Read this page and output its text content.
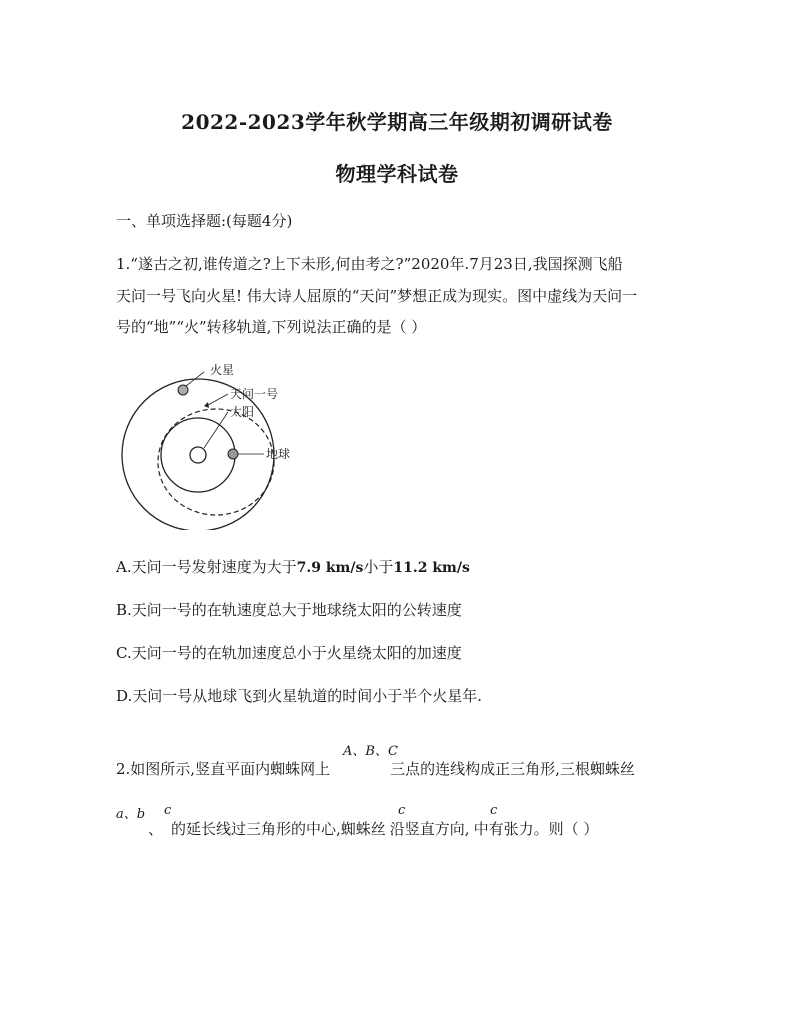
2022-2023学年秋学期高三年级期初调研试卷
物理学科试卷
一、单项选择题:(每题4分)
1.“遂古之初,谁传道之?上下未形,何由考之?”2020年.7月23日,我国探测飞船
天问一号飞向火星! 伟大诗人屈原的“天问”梦想正成为现实。图中虚线为天问一
号的“地”“火”转移轨道,下列说法正确的是（ ）
火星
天问一号
太阳
地球
A.天问一号发射速度为大于7.9 km/s小于11.2 km/s
B.天问一号的在轨速度总大于地球绕太阳的公转速度
C.天问一号的在轨加速度总小于火星绕太阳的加速度
D.天问一号从地球飞到火星轨道的时间小于半个火星年.
A、B、C
2.如图所示,竖直平面内蜘蛛网上	三点的连线构成正三角形,三根蜘蛛丝
a、b c	c	c
、 的延长线过三角形的中心,蜘蛛丝 沿竖直方向, 中有张力。则（ ）
